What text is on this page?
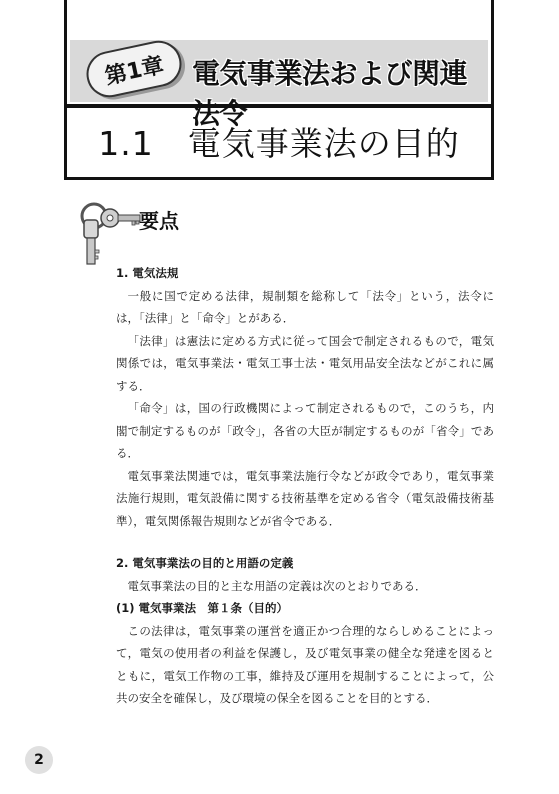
第1章 電気事業法および関連法令
1.1　電気事業法の目的
要点
1. 電気法規

一般に国で定める法律，規制類を総称して「法令」という，法令には，「法律」と「命令」とがある．

「法律」は憲法に定める方式に従って国会で制定されるもので，電気関係では，電気事業法・電気工事士法・電気用品安全法などがこれに属する．

「命令」は，国の行政機関によって制定されるもので，このうち，内閣で制定するものが「政令」，各省の大臣が制定するものが「省令」である．

電気事業法関連では，電気事業法施行令などが政令であり，電気事業法施行規則，電気設備に関する技術基準を定める省令（電気設備技術基準），電気関係報告規則などが省令である．

2. 電気事業法の目的と用語の定義

電気事業法の目的と主な用語の定義は次のとおりである．

(1) 電気事業法　第１条（目的）

この法律は，電気事業の運営を適正かつ合理的ならしめることによって，電気の使用者の利益を保護し，及び電気事業の健全な発達を図るとともに，電気工作物の工事，維持及び運用を規制することによって，公共の安全を確保し，及び環境の保全を図ることを目的とする．

2
